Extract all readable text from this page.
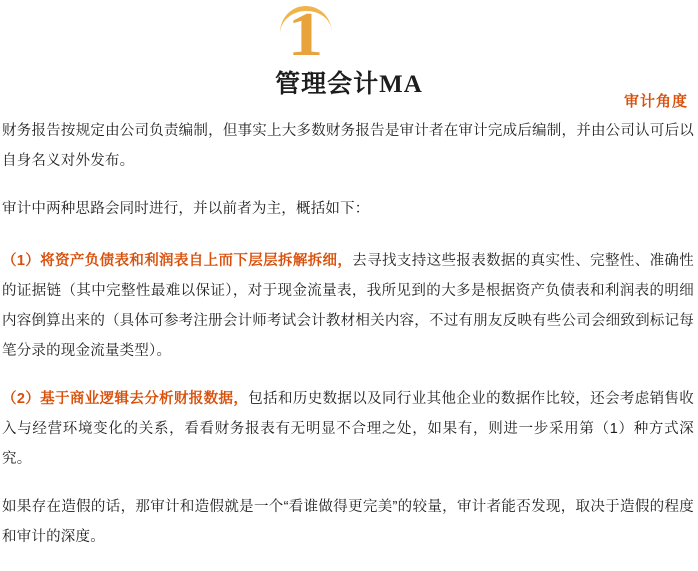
1
管理会计MA
审计角度

财务报告按规定由公司负责编制，但事实上大多数财务报告是审计者在审计完成后编制，并由公司认可后以自身名义对外发布。

审计中两种思路会同时进行，并以前者为主，概括如下：

（1）将资产负债表和利润表自上而下层层拆解拆细，去寻找支持这些报表数据的真实性、完整性、准确性的证据链（其中完整性最难以保证），对于现金流量表，我所见到的大多是根据资产负债表和利润表的明细内容倒算出来的（具体可参考注册会计师考试会计教材相关内容，不过有朋友反映有些公司会细致到标记每笔分录的现金流量类型）。

（2）基于商业逻辑去分析财报数据，包括和历史数据以及同行业其他企业的数据作比较，还会考虑销售收入与经营环境变化的关系，看看财务报表有无明显不合理之处，如果有，则进一步采用第（1）种方式深究。

如果存在造假的话，那审计和造假就是一个“看谁做得更完美”的较量，审计者能否发现，取决于造假的程度和审计的深度。
